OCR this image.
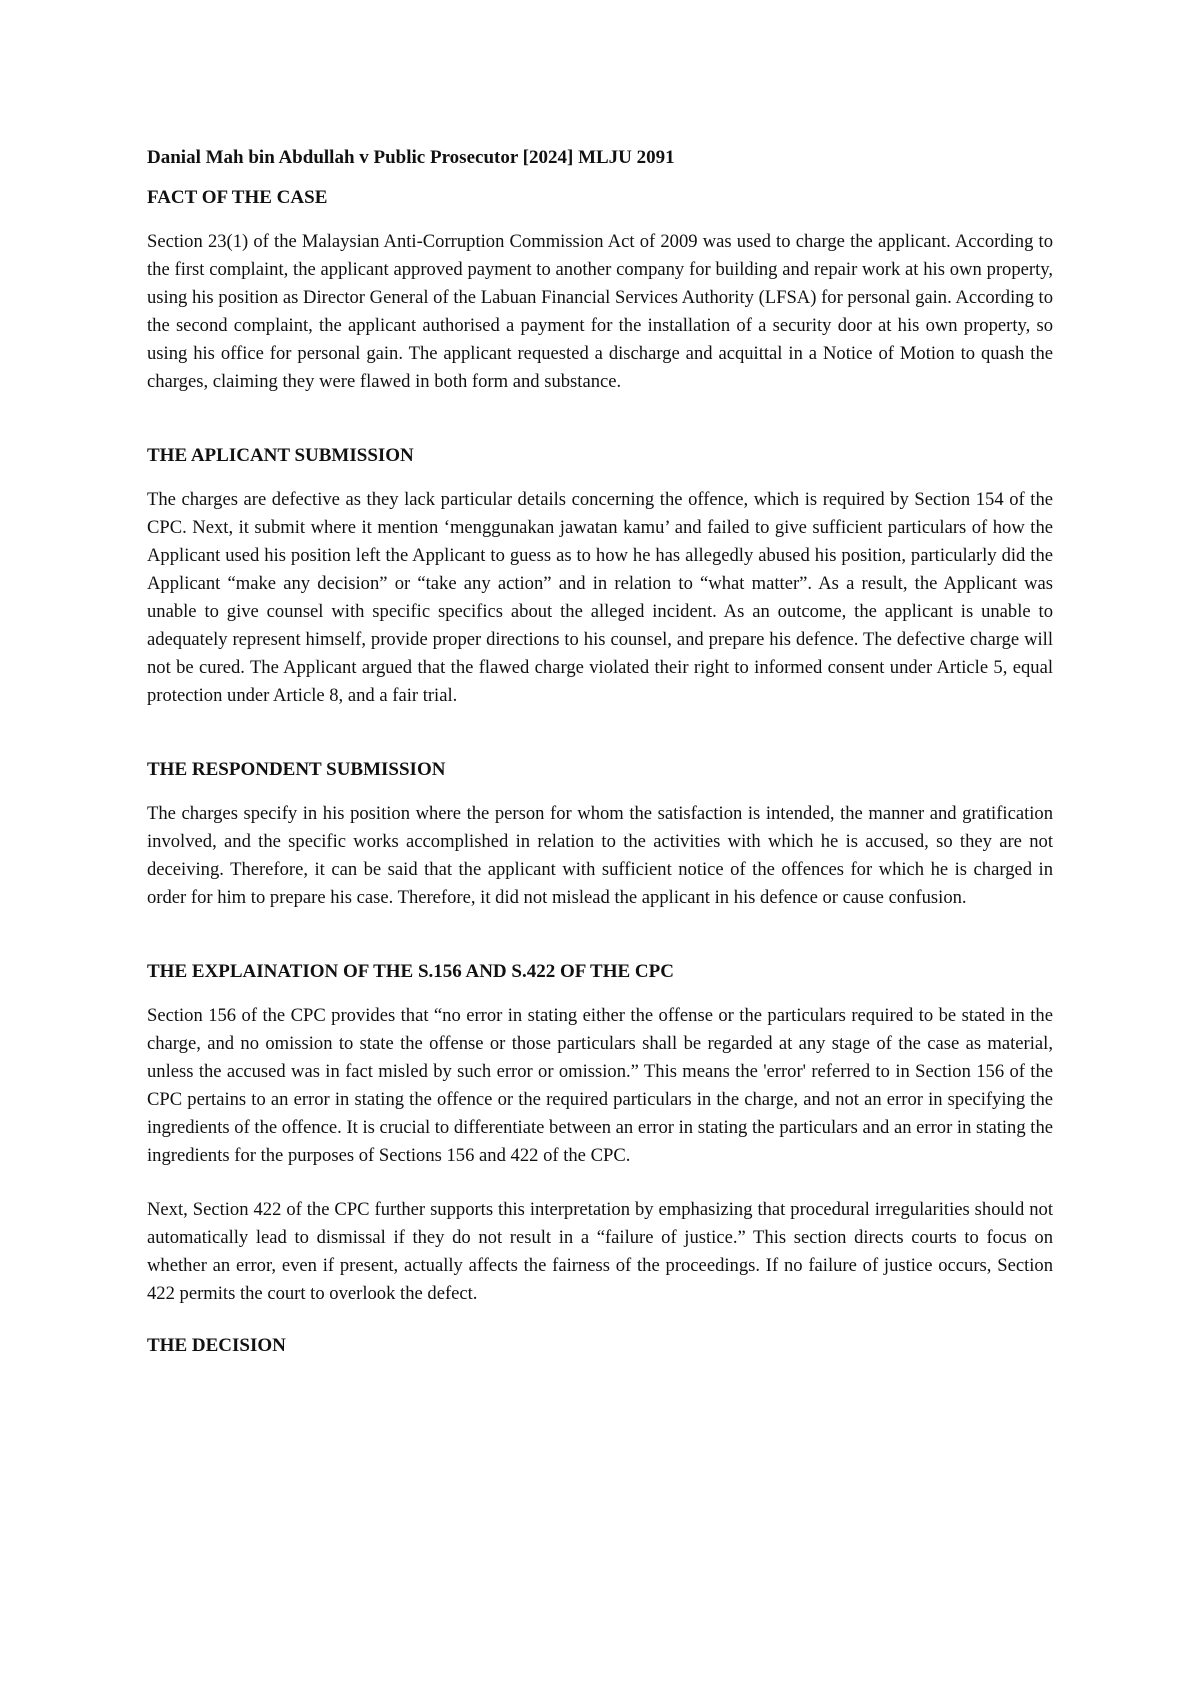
Danial Mah bin Abdullah v Public Prosecutor [2024] MLJU 2091

FACT OF THE CASE

Section 23(1) of the Malaysian Anti-Corruption Commission Act of 2009 was used to charge the applicant. According to the first complaint, the applicant approved payment to another company for building and repair work at his own property, using his position as Director General of the Labuan Financial Services Authority (LFSA) for personal gain. According to the second complaint, the applicant authorised a payment for the installation of a security door at his own property, so using his office for personal gain. The applicant requested a discharge and acquittal in a Notice of Motion to quash the charges, claiming they were flawed in both form and substance.

THE APLICANT SUBMISSION

The charges are defective as they lack particular details concerning the offence, which is required by Section 154 of the CPC. Next, it submit where it mention ‘menggunakan jawatan kamu’ and failed to give sufficient particulars of how the Applicant used his position left the Applicant to guess as to how he has allegedly abused his position, particularly did the Applicant “make any decision” or “take any action” and in relation to “what matter”. As a result, the Applicant was unable to give counsel with specific specifics about the alleged incident. As an outcome, the applicant is unable to adequately represent himself, provide proper directions to his counsel, and prepare his defence. The defective charge will not be cured. The Applicant argued that the flawed charge violated their right to informed consent under Article 5, equal protection under Article 8, and a fair trial.

THE RESPONDENT SUBMISSION

The charges specify in his position where the person for whom the satisfaction is intended, the manner and gratification involved, and the specific works accomplished in relation to the activities with which he is accused, so they are not deceiving. Therefore, it can be said that the applicant with sufficient notice of the offences for which he is charged in order for him to prepare his case. Therefore, it did not mislead the applicant in his defence or cause confusion.

THE EXPLAINATION OF THE S.156 AND S.422 OF THE CPC

Section 156 of the CPC provides that “no error in stating either the offense or the particulars required to be stated in the charge, and no omission to state the offense or those particulars shall be regarded at any stage of the case as material, unless the accused was in fact misled by such error or omission.” This means the 'error' referred to in Section 156 of the CPC pertains to an error in stating the offence or the required particulars in the charge, and not an error in specifying the ingredients of the offence. It is crucial to differentiate between an error in stating the particulars and an error in stating the ingredients for the purposes of Sections 156 and 422 of the CPC.

Next, Section 422 of the CPC further supports this interpretation by emphasizing that procedural irregularities should not automatically lead to dismissal if they do not result in a “failure of justice.” This section directs courts to focus on whether an error, even if present, actually affects the fairness of the proceedings. If no failure of justice occurs, Section 422 permits the court to overlook the defect.

THE DECISION
